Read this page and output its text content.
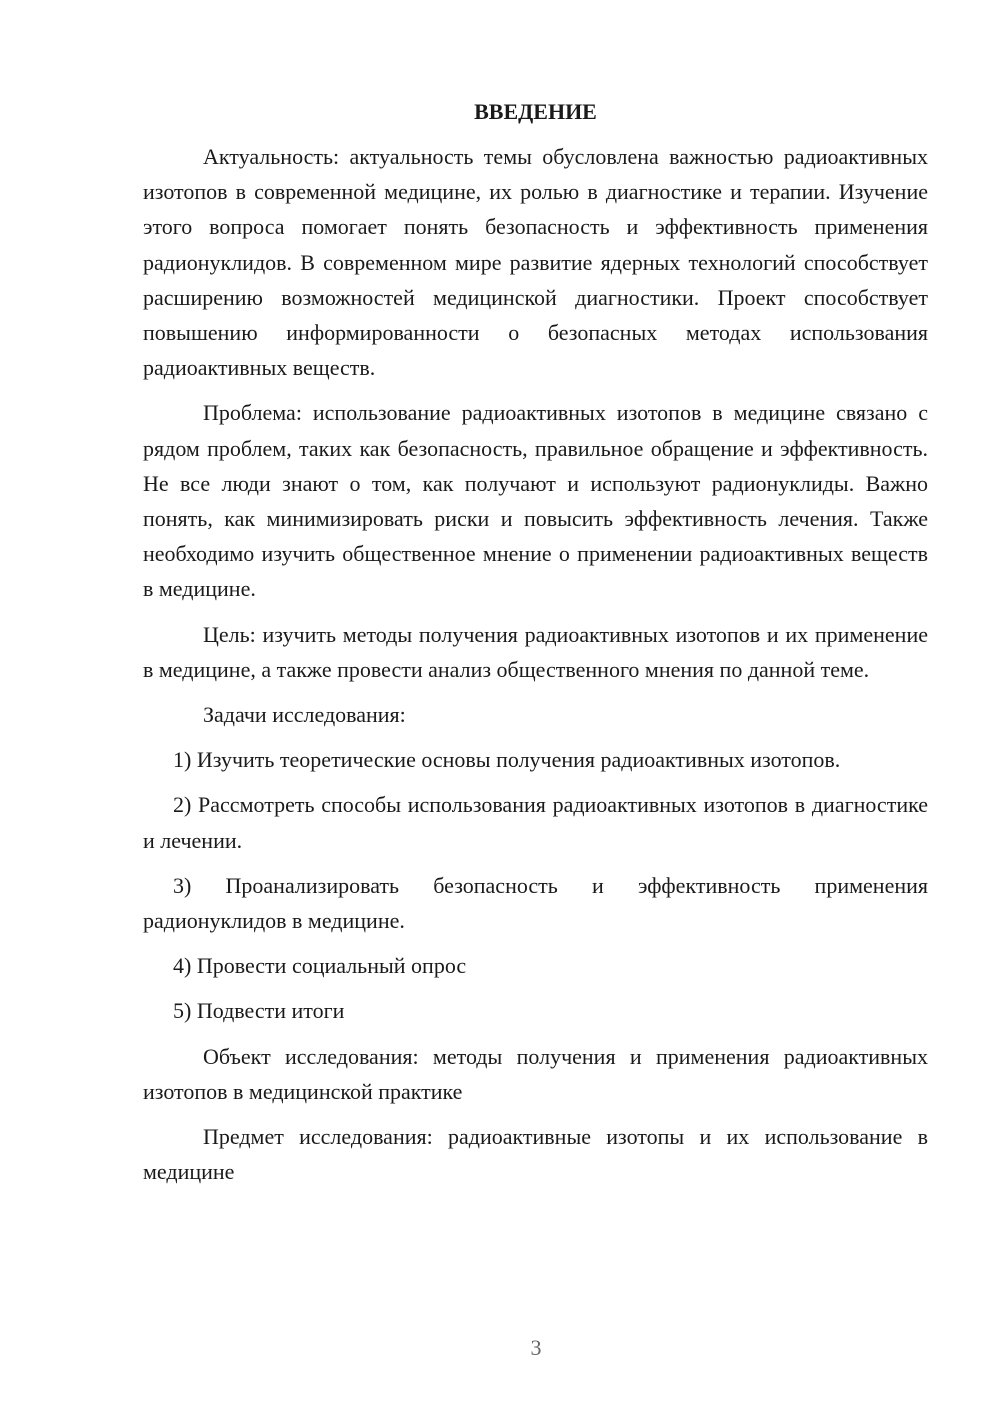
ВВЕДЕНИЕ

Актуальность: актуальность темы обусловлена важностью радиоактивных изотопов в современной медицине, их ролью в диагностике и терапии. Изучение этого вопроса помогает понять безопасность и эффективность применения радионуклидов. В современном мире развитие ядерных технологий способствует расширению возможностей медицинской диагностики. Проект способствует повышению информированности о безопасных методах использования радиоактивных веществ.

Проблема: использование радиоактивных изотопов в медицине связано с рядом проблем, таких как безопасность, правильное обращение и эффективность. Не все люди знают о том, как получают и используют радионуклиды. Важно понять, как минимизировать риски и повысить эффективность лечения. Также необходимо изучить общественное мнение о применении радиоактивных веществ в медицине.

Цель: изучить методы получения радиоактивных изотопов и их применение в медицине, а также провести анализ общественного мнения по данной теме.

Задачи исследования:

1) Изучить теоретические основы получения радиоактивных изотопов.

2) Рассмотреть способы использования радиоактивных изотопов в диагностике и лечении.

3) Проанализировать безопасность и эффективность применения радионуклидов в медицине.

4) Провести социальный опрос

5) Подвести итоги

Объект исследования: методы получения и применения радиоактивных изотопов в медицинской практике

Предмет исследования: радиоактивные изотопы и их использование в медицине

3
